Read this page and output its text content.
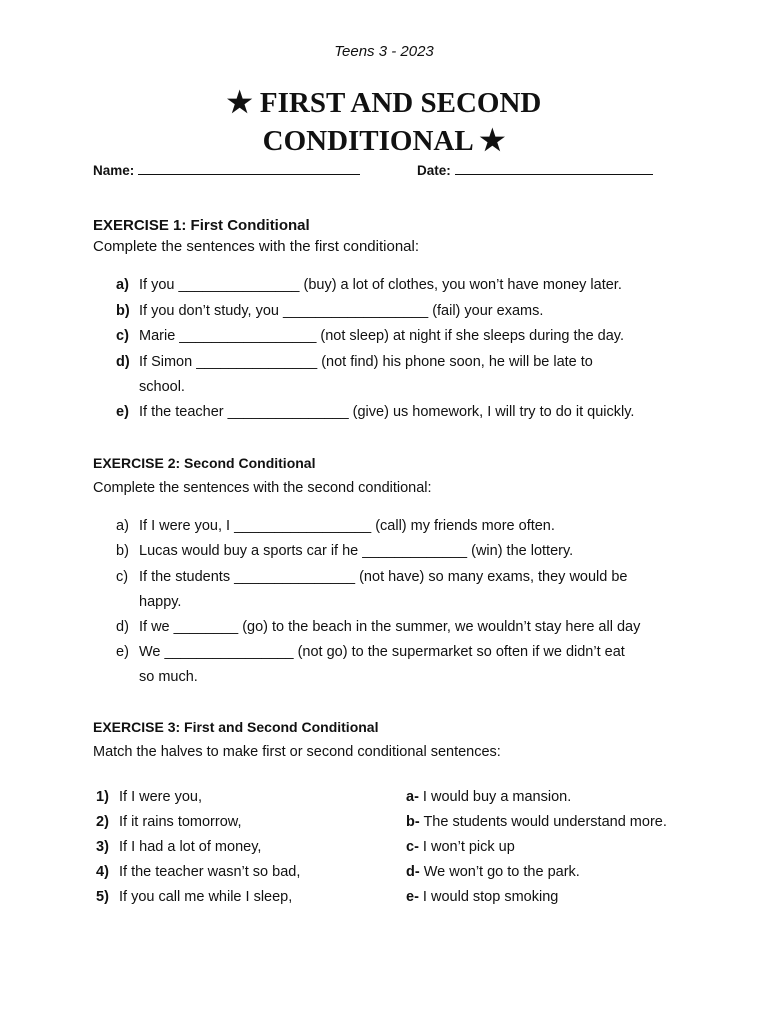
Teens 3 - 2023
★ FIRST AND SECOND
CONDITIONAL ★
Name:	Date:
EXERCISE 1: First Conditional
Complete the sentences with the first conditional:
a) If you _______________ (buy) a lot of clothes, you won’t have money later.
b) If you don’t study, you __________________ (fail) your exams.
c) Marie _________________ (not sleep) at night if she sleeps during the day.
d) If Simon _______________ (not find) his phone soon, he will be late to
school.
e) If the teacher _______________ (give) us homework, I will try to do it quickly.
EXERCISE 2: Second Conditional
Complete the sentences with the second conditional:
a) If I were you, I _________________ (call) my friends more often.
b) Lucas would buy a sports car if he _____________ (win) the lottery.
c) If the students _______________ (not have) so many exams, they would be
happy.
d) If we ________ (go) to the beach in the summer, we wouldn’t stay here all day
e) We ________________ (not go) to the supermarket so often if we didn’t eat
so much.
EXERCISE 3: First and Second Conditional
Match the halves to make first or second conditional sentences:
1) If I were you,
2) If it rains tomorrow,
3) If I had a lot of money,
4) If the teacher wasn’t so bad,
5) If you call me while I sleep,
a- I would buy a mansion.
b- The students would understand more.
c- I won’t pick up
d- We won’t go to the park.
e- I would stop smoking
